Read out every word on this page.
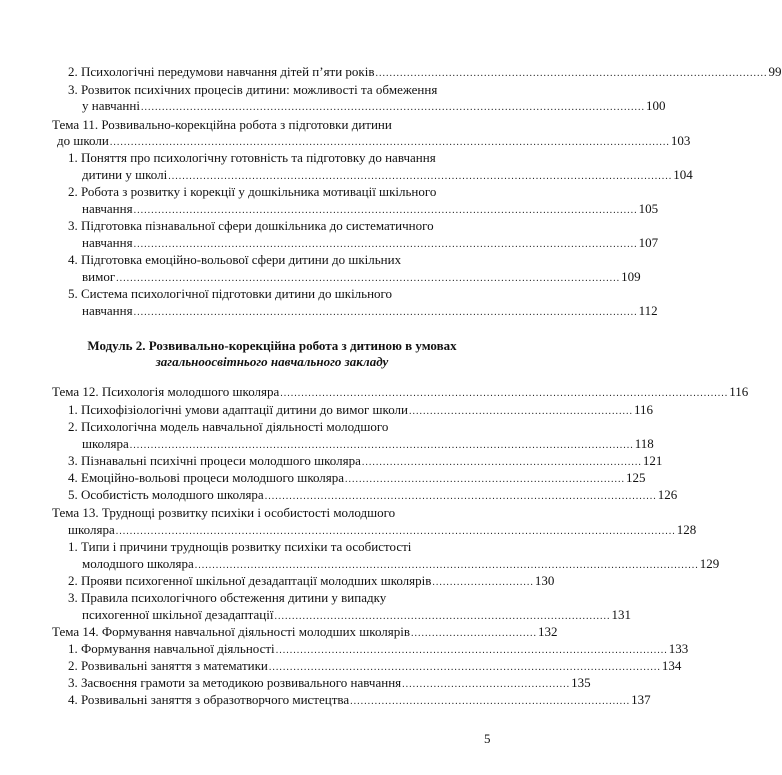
2. Психологічні передумови навчання дітей п’яти років ................................................................................................................ 99
3. Розвиток психічних процесів дитини: можливості та обмеження
у навчанні ................................................................................................................................................ 100
Тема 11. Розвивально-корекційна робота з підготовки дитини
до школи ................................................................................................................................................................ 103
1. Поняття про психологічну готовність та підготовку до навчання
дитини у школі ................................................................................................................................................ 104
2. Робота з розвитку і корекції у дошкільника мотивації шкільного
навчання ................................................................................................................................................ 105
3. Підготовка пізнавальної сфери дошкільника до систематичного
навчання ................................................................................................................................................ 107
4. Підготовка емоційно-вольової сфери дитини до шкільних
вимог ................................................................................................................................................ 109
5. Система психологічної підготовки дитини до шкільного
навчання ................................................................................................................................................ 112
Модуль 2. Розвивально-корекційна робота з дитиною в умовах
загальноосвітнього навчального закладу
Тема 12. Психологія молодшого школяра ................................................................................................................................ 116
1. Психофізіологічні умови адаптації дитини до вимог школи ................................................................ 116
2. Психологічна модель навчальної діяльності молодшого
школяра ................................................................................................................................................ 118
3. Пізнавальні психічні процеси молодшого школяра ................................................................................ 121
4. Емоційно-вольові процеси молодшого школяра ................................................................................ 125
5. Особистість молодшого школяра ................................................................................................................ 126
Тема 13. Труднощі розвитку психіки і особистості молодшого
школяра ................................................................................................................................................................ 128
1. Типи і причини труднощів розвитку психіки та особистості
молодшого школяра ................................................................................................................................................ 129
2. Прояви психогенної шкільної дезадаптації молодших школярів ............................. 130
3. Правила психологічного обстеження дитини у випадку
психогенної шкільної дезадаптації ................................................................................................ 131
Тема 14. Формування навчальної діяльності молодших школярів .................................... 132
1. Формування навчальної діяльності ................................................................................................................ 133
2. Розвивальні заняття з математики ................................................................................................................ 134
3. Засвоєння грамоти за методикою розвивального навчання ................................................ 135
4. Розвивальні заняття з образотворчого мистецтва ................................................................................ 137
5
